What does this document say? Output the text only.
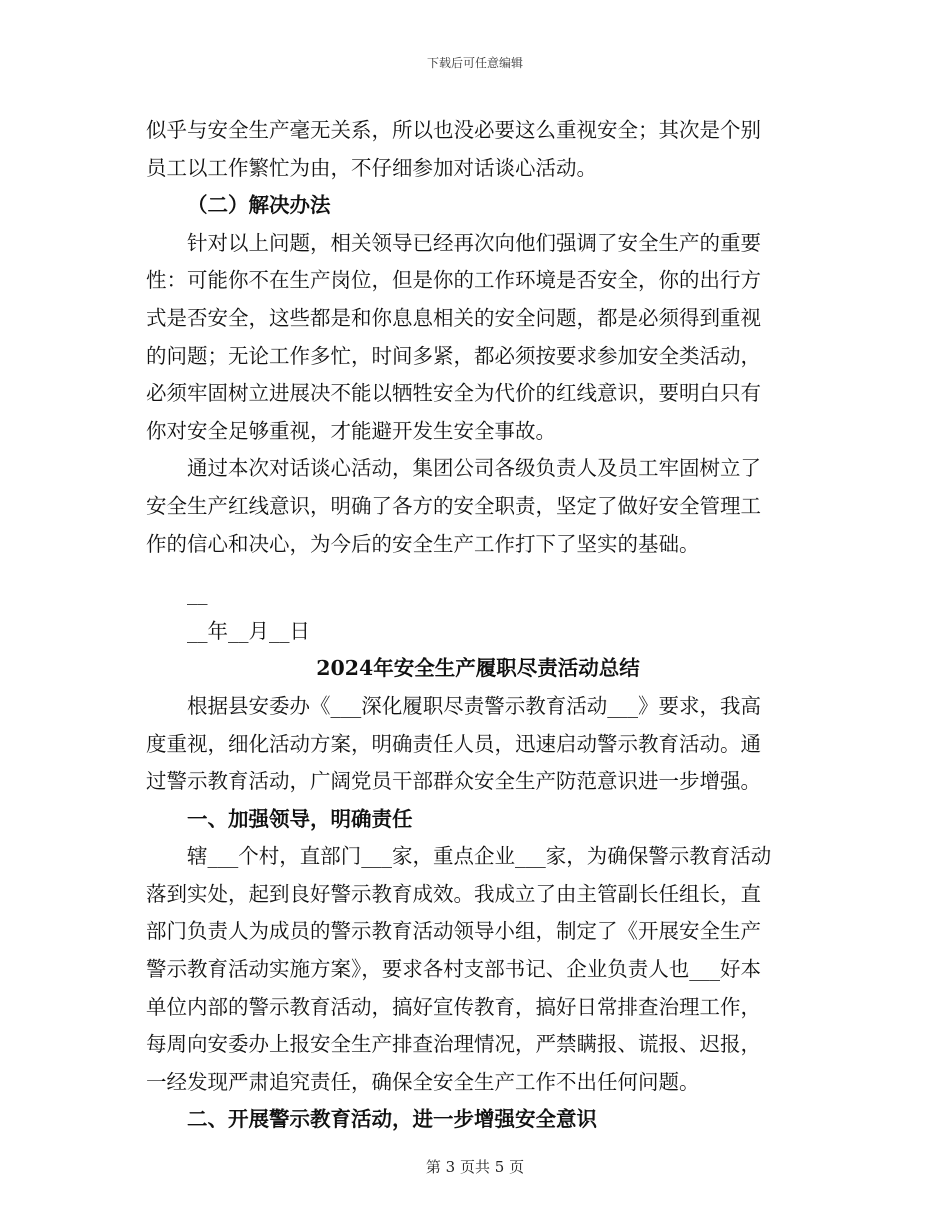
下载后可任意编辑
似乎与安全生产毫无关系，所以也没必要这么重视安全；其次是个别
员工以工作繁忙为由，不仔细参加对话谈心活动。
（二）解决办法
针对以上问题，相关领导已经再次向他们强调了安全生产的重要
性：可能你不在生产岗位，但是你的工作环境是否安全，你的出行方
式是否安全，这些都是和你息息相关的安全问题，都是必须得到重视
的问题；无论工作多忙，时间多紧，都必须按要求参加安全类活动，
必须牢固树立进展决不能以牺牲安全为代价的红线意识，要明白只有
你对安全足够重视，才能避开发生安全事故。
通过本次对话谈心活动，集团公司各级负责人及员工牢固树立了
安全生产红线意识，明确了各方的安全职责，坚定了做好安全管理工
作的信心和决心，为今后的安全生产工作打下了坚实的基础。
__
__年__月__日
2024年安全生产履职尽责活动总结
根据县安委办《___深化履职尽责警示教育活动___》要求，我高
度重视，细化活动方案，明确责任人员，迅速启动警示教育活动。通
过警示教育活动，广阔党员干部群众安全生产防范意识进一步增强。
一、加强领导，明确责任
辖___个村，直部门___家，重点企业___家，为确保警示教育活动
落到实处，起到良好警示教育成效。我成立了由主管副长任组长，直
部门负责人为成员的警示教育活动领导小组，制定了《开展安全生产
警示教育活动实施方案》，要求各村支部书记、企业负责人也___好本
单位内部的警示教育活动，搞好宣传教育，搞好日常排查治理工作，
每周向安委办上报安全生产排查治理情况，严禁瞒报、谎报、迟报，
一经发现严肃追究责任，确保全安全生产工作不出任何问题。
二、开展警示教育活动，进一步增强安全意识
第 3 页共 5 页
